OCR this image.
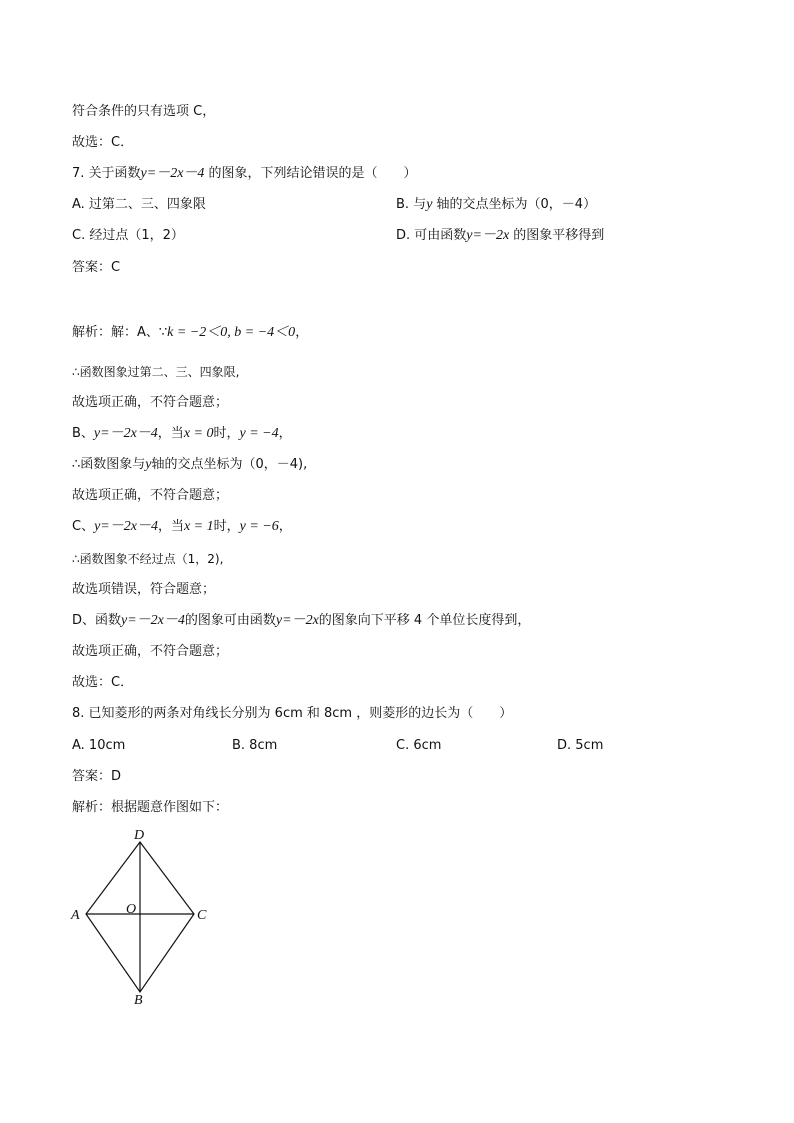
符合条件的只有选项 C，
故选：C．
7. 关于函数y=－2x－4 的图象，下列结论错误的是（　　）
A. 过第二、三、四象限	B. 与y 轴的交点坐标为（0，－4）
C. 经过点（1，2）	D. 可由函数y=－2x 的图象平移得到
答案：C
解析：解：A、∵k = −2＜0, b = −4＜0，
∴函数图象过第二、三、四象限,
故选项正确，不符合题意；
B、y=－2x－4，当x = 0时，y = −4，
∴函数图象与y轴的交点坐标为（0，－4),
故选项正确，不符合题意；
C、y=－2x－4，当x = 1时，y = −6，
∴函数图象不经过点（1，2),
故选项错误，符合题意；
D、函数y=－2x－4的图象可由函数y=－2x的图象向下平移 4 个单位长度得到，
故选项正确，不符合题意；
故选：C．
8. 已知菱形的两条对角线长分别为 6cm 和 8cm ，则菱形的边长为（　　）
A. 10cm	B. 8cm	C. 6cm	D. 5cm
答案：D
解析：根据题意作图如下：
D
A	C
B
O
